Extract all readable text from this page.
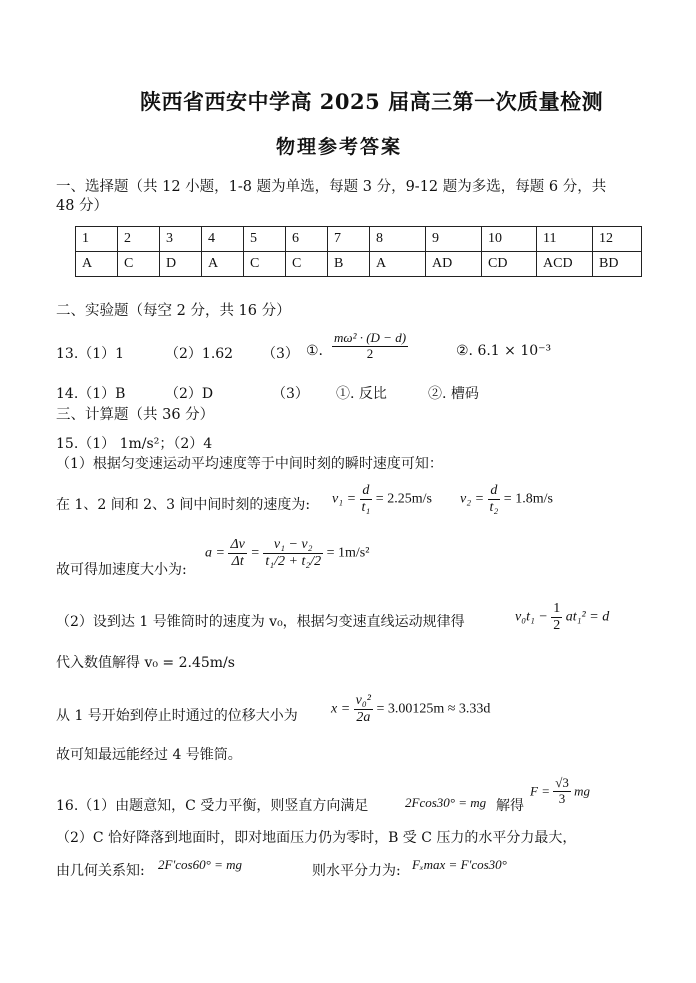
陕西省西安中学高 2025 届高三第一次质量检测
物理参考答案
一、选择题（共 12 小题，1-8 题为单选，每题 3 分，9-12 题为多选，每题 6 分，共
48 分）
1	2	3	4	5	6	7	8	9	10	11	12
A	C	D	A	C	C	B	A	AD	CD	ACD	BD
二、实验题（每空 2 分，共 16 分）
13.（1）1	（2）1.62 （3） ①. $\frac{\text{mω² · (D − d)}}{2}$	②. 6.1 × 10⁻³
14.（1）B	（2）D	（3） ①. 反比	②. 槽码
三、计算题（共 36 分）
15.（1） 1m/s²；（2）4
（1）根据匀变速运动平均速度等于中间时刻的瞬时速度可知：
在 1、2 间和 2、3 间中间时刻的速度为: $v_1 = \frac{d}{\text{t₁}} = 2.25m/s$ $v_2 = \frac{d}{\text{t₂}} = 1.8m/s$
故可得加速度大小为:
$a = \frac{\Delta v}{\Delta t} = \frac{\text{v₁ − v₂}}{\text{t₁/2 + t₂/2}} = 1m/s^2$
（2）设到达 1 号锥筒时的速度为 v₀，根据匀变速直线运动规律得	$v_0t_1 - \frac{1}{2} at_1^2 = d$
代入数值解得 v₀ = 2.45m/s
从 1 号开始到停止时通过的位移大小为 $x = \frac{\text{v₀²}}{2a} = 3.00125m \approx 3.33d$
故可知最远能经过 4 号锥筒。
16.（1）由题意知，C 受力平衡，则竖直方向满足	2Fcos30° = mg 解得
$F = \frac{√3}{3}$ mg
（2）C 恰好降落到地面时，即对地面压力仍为零时，B 受 C 压力的水平分力最大，
由几何关系知: 2F′cos60° = mg	则水平分力为: Fₓmax = F′cos30°
